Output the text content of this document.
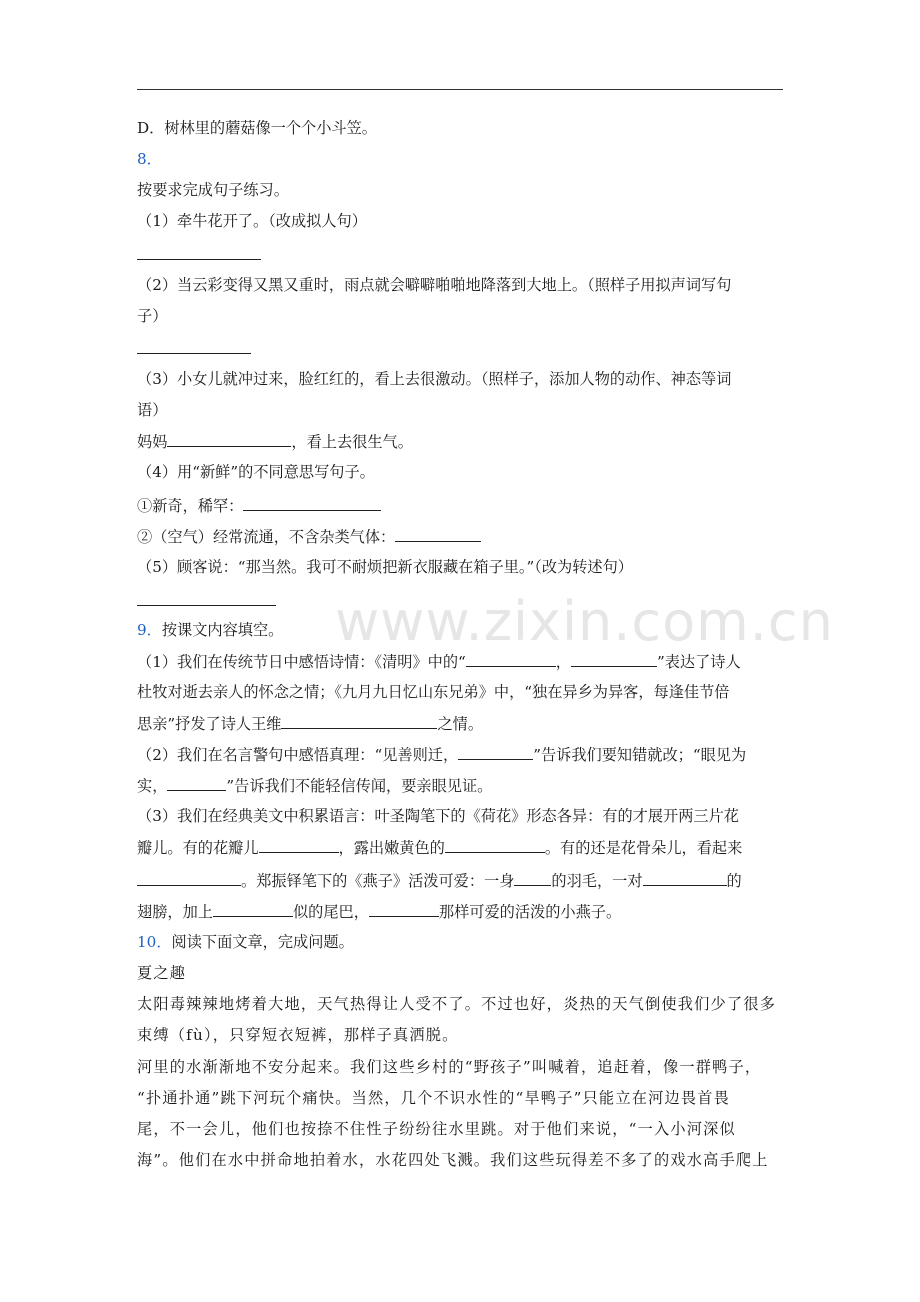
www.zixin.com.cn
D．树林里的蘑菇像一个个小斗笠。
8．
按要求完成句子练习。
（1）牵牛花开了。（改成拟人句）
（2）当云彩变得又黑又重时，雨点就会噼噼啪啪地降落到大地上。（照样子用拟声词写句
子）
（3）小女儿就冲过来，脸红红的，看上去很激动。（照样子，添加人物的动作、神态等词
语）
妈妈	，看上去很生气。
（4）用“新鲜”的不同意思写句子。
①新奇，稀罕：
②（空气）经常流通，不含杂类气体：
（5）顾客说：“那当然。我可不耐烦把新衣服藏在箱子里。”（改为转述句）
9．按课文内容填空。
（1）我们在传统节日中感悟诗情：《清明》中的“	，	”表达了诗人
杜牧对逝去亲人的怀念之情；《九月九日忆山东兄弟》中，“独在异乡为异客，每逢佳节倍
思亲”抒发了诗人王维	之情。
（2）我们在名言警句中感悟真理：“见善则迁，	”告诉我们要知错就改；“眼见为
实，	”告诉我们不能轻信传闻，要亲眼见证。
（3）我们在经典美文中积累语言：叶圣陶笔下的《荷花》形态各异：有的才展开两三片花
瓣儿。有的花瓣儿	，露出嫩黄色的	。有的还是花骨朵儿，看起来
。郑振铎笔下的《燕子》活泼可爱：一身 的羽毛，一对	的
翅膀，加上	似的尾巴，	那样可爱的活泼的小燕子。
10．阅读下面文章，完成问题。
夏之趣
太阳毒辣辣地烤着大地，天气热得让人受不了。不过也好，炎热的天气倒使我们少了很多
束缚（fù），只穿短衣短裤，那样子真洒脱。
河里的水渐渐地不安分起来。我们这些乡村的“野孩子”叫喊着，追赶着，像一群鸭子，
“扑通扑通”跳下河玩个痛快。当然，几个不识水性的“旱鸭子”只能立在河边畏首畏
尾，不一会儿，他们也按捺不住性子纷纷往水里跳。对于他们来说，“一入小河深似
海”。他们在水中拼命地拍着水，水花四处飞溅。我们这些玩得差不多了的戏水高手爬上
